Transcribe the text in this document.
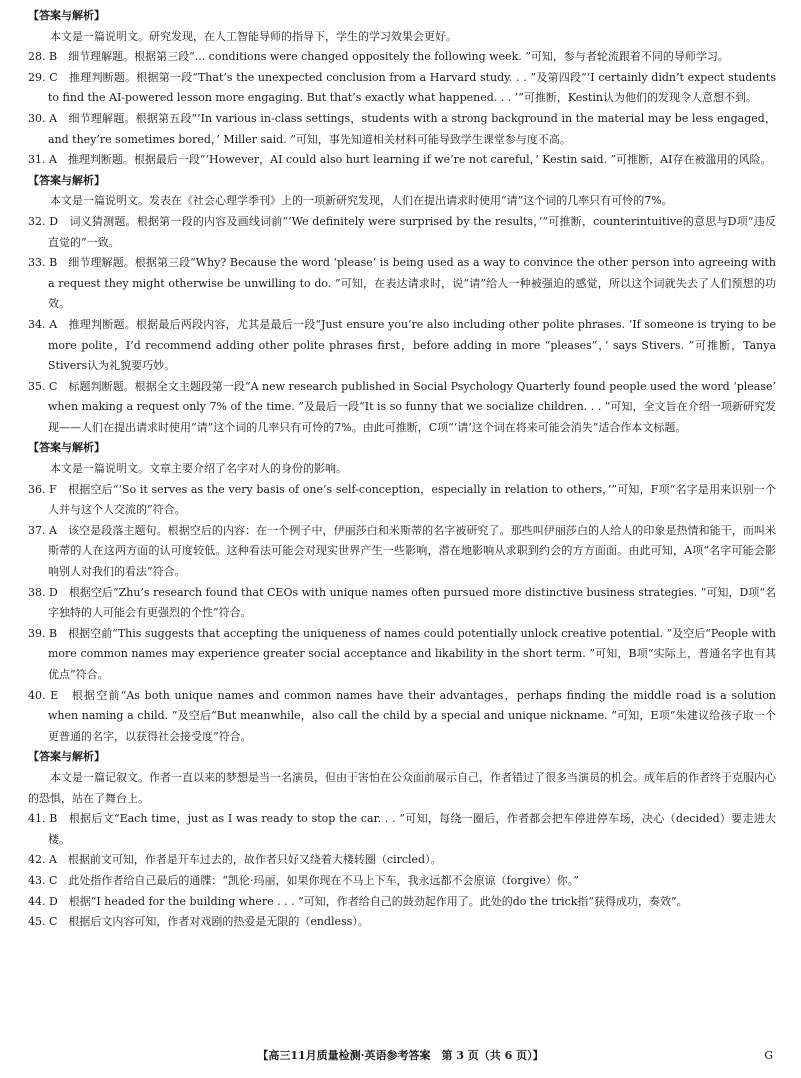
【答案与解析】

本文是一篇说明文。研究发现，在人工智能导师的指导下，学生的学习效果会更好。

28. B　细节理解题。根据第三段“... conditions were changed oppositely the following week. ”可知，参与者轮流跟着不同的导师学习。

29. C　推理判断题。根据第一段“That’s the unexpected conclusion from a Harvard study. . . ”及第四段“‘I certainly didn’t expect students to find the AI-powered lesson more engaging. But that’s exactly what happened. . . ’”可推断，Kestin认为他们的发现令人意想不到。

30. A　细节理解题。根据第五段“‘In various in-class settings，students with a strong background in the material may be less engaged，and they’re sometimes bored，’ Miller said. ”可知，事先知道相关材料可能导致学生课堂参与度不高。

31. A　推理判断题。根据最后一段“‘However，AI could also hurt learning if we’re not careful，’ Kestin said. ”可推断，AI存在被滥用的风险。

【答案与解析】

本文是一篇说明文。发表在《社会心理学季刊》上的一项新研究发现，人们在提出请求时使用“请”这个词的几率只有可怜的7%。

32. D　词义猜测题。根据第一段的内容及画线词前“‘We definitely were surprised by the results，’”可推断，counterintuitive的意思与D项“违反直觉的”一致。

33. B　细节理解题。根据第三段“Why? Because the word ‘please’ is being used as a way to convince the other person into agreeing with a request they might otherwise be unwilling to do. ”可知，在表达请求时，说“请”给人一种被强迫的感觉，所以这个词就失去了人们预想的功效。

34. A　推理判断题。根据最后两段内容，尤其是最后一段“Just ensure you’re also including other polite phrases. ‘If someone is trying to be more polite，I’d recommend adding other polite phrases first，before adding in more “pleases”，’ says Stivers. ”可推断，Tanya Stivers认为礼貌要巧妙。

35. C　标题判断题。根据全文主题段第一段“A new research published in Social Psychology Quarterly found people used the word ‘please’ when making a request only 7% of the time. ”及最后一段“It is so funny that we socialize children. . . ”可知，全文旨在介绍一项新研究发现——人们在提出请求时使用“请”这个词的几率只有可怜的7%。由此可推断，C项“‘请’这个词在将来可能会消失”适合作本文标题。

【答案与解析】

本文是一篇说明文。文章主要介绍了名字对人的身份的影响。

36. F　根据空后“‘So it serves as the very basis of one’s self-conception，especially in relation to others，’”可知，F项“名字是用来识别一个人并与这个人交流的”符合。

37. A　该空是段落主题句。根据空后的内容：在一个例子中，伊丽莎白和米斯蒂的名字被研究了。那些叫伊丽莎白的人给人的印象是热情和能干，而叫米斯蒂的人在这两方面的认可度较低。这种看法可能会对现实世界产生一些影响，潜在地影响从求职到约会的方方面面。由此可知，A项“名字可能会影响别人对我们的看法”符合。

38. D　根据空后“Zhu’s research found that CEOs with unique names often pursued more distinctive business strategies. ”可知，D项“名字独特的人可能会有更强烈的个性”符合。

39. B　根据空前“This suggests that accepting the uniqueness of names could potentially unlock creative potential. ”及空后“People with more common names may experience greater social acceptance and likability in the short term. ”可知，B项“实际上，普通名字也有其优点”符合。

40. E　根据空前“As both unique names and common names have their advantages，perhaps finding the middle road is a solution when naming a child. ”及空后“But meanwhile，also call the child by a special and unique nickname. ”可知，E项“朱建议给孩子取一个更普通的名字，以获得社会接受度”符合。

【答案与解析】

本文是一篇记叙文。作者一直以来的梦想是当一名演员，但由于害怕在公众面前展示自己，作者错过了很多当演员的机会。成年后的作者终于克服内心的恐惧，站在了舞台上。

41. B　根据后文“Each time，just as I was ready to stop the car. . . ”可知，每绕一圈后，作者都会把车停进停车场，决心（decided）要走进大楼。

42. A　根据前文可知，作者是开车过去的，故作者只好又绕着大楼转圈（circled）。

43. C　此处指作者给自己最后的通牒：“凯伦·玛丽，如果你现在不马上下车，我永远都不会原谅（forgive）你。”

44. D　根据“I headed for the building where . . . ”可知，作者给自己的鼓劲起作用了。此处的do the trick指“获得成功，奏效”。

45. C　根据后文内容可知，作者对戏剧的热爱是无限的（endless）。

【高三11月质量检测·英语参考答案　第 3 页（共 6 页）】	G
